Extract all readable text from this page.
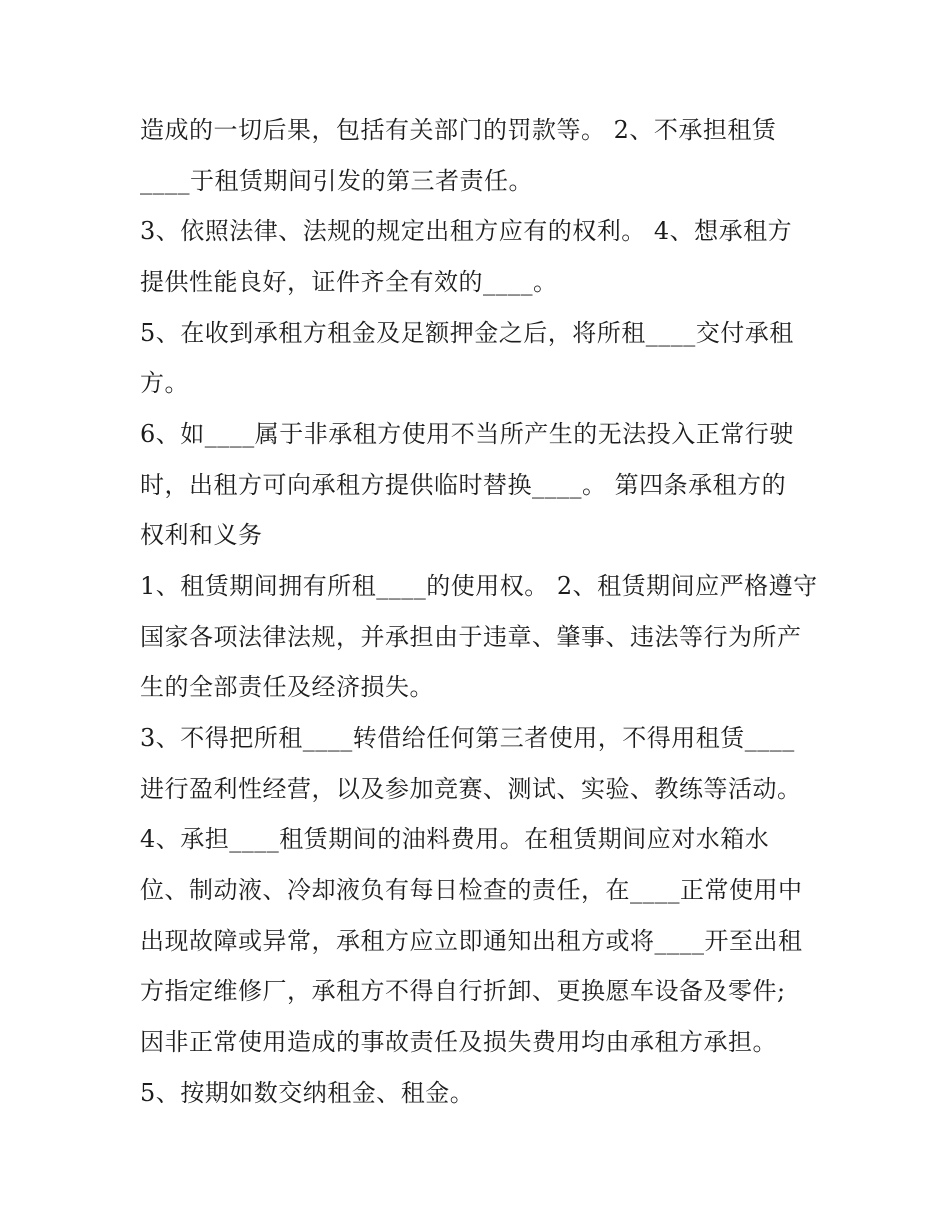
造成的一切后果，包括有关部门的罚款等。 2、不承担租赁
____于租赁期间引发的第三者责任。
3、依照法律、法规的规定出租方应有的权利。 4、想承租方
提供性能良好，证件齐全有效的____。
5、在收到承租方租金及足额押金之后，将所租____交付承租
方。
6、如____属于非承租方使用不当所产生的无法投入正常行驶
时，出租方可向承租方提供临时替换____。 第四条承租方的
权利和义务
1、租赁期间拥有所租____的使用权。 2、租赁期间应严格遵守
国家各项法律法规，并承担由于违章、肇事、违法等行为所产
生的全部责任及经济损失。
3、不得把所租____转借给任何第三者使用，不得用租赁____
进行盈利性经营，以及参加竞赛、测试、实验、教练等活动。
4、承担____租赁期间的油料费用。在租赁期间应对水箱水
位、制动液、冷却液负有每日检查的责任，在____正常使用中
出现故障或异常，承租方应立即通知出租方或将____开至出租
方指定维修厂，承租方不得自行折卸、更换愿车设备及零件;
因非正常使用造成的事故责任及损失费用均由承租方承担。
5、按期如数交纳租金、租金。
